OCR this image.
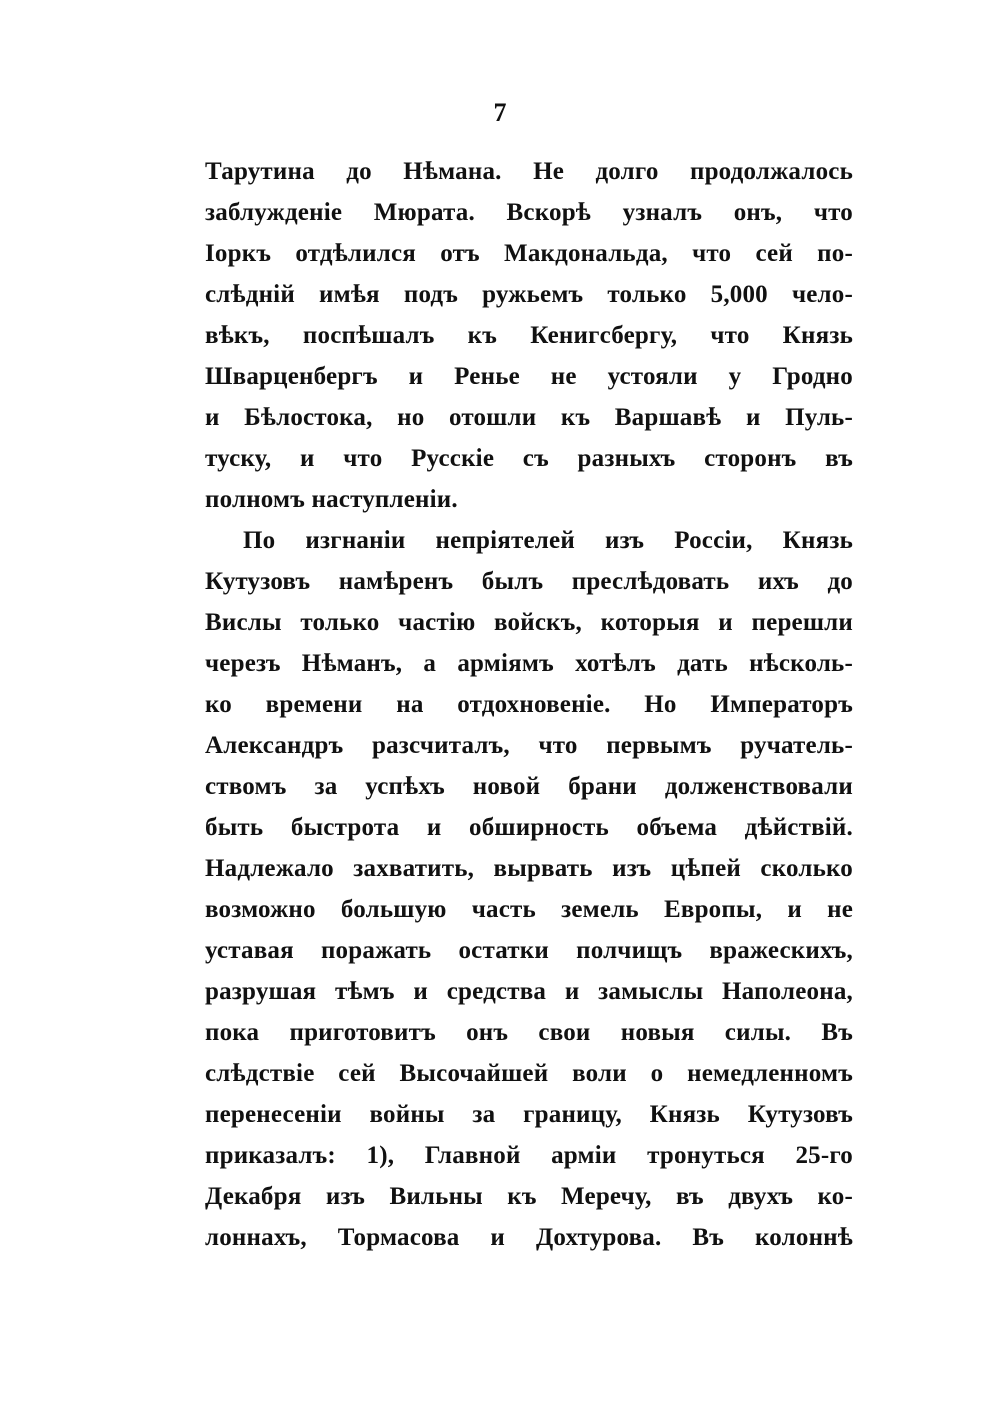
7
Тарутина до Нѣмана. Не долго продолжалось
заблужденіе Мюрата. Вскорѣ узналъ онъ, что
Іоркъ отдѣлился отъ Макдональда, что сей по-
слѣдній имѣя подъ ружьемъ только 5,000 чело-
вѣкъ, поспѣшалъ къ Кенигсбергу, что Князь
Шварценбергъ и Ренье не устояли у Гродно
и Бѣлостока, но отошли къ Варшавѣ и Пуль-
туску, и что Русскіе съ разныхъ сторонъ въ
полномъ наступленіи.
По изгнаніи непріятелей изъ Россіи, Князь
Кутузовъ намѣренъ былъ преслѣдовать ихъ до
Вислы только частію войскъ, которыя и перешли
черезъ Нѣманъ, а арміямъ хотѣлъ дать нѣсколь-
ко времени на отдохновеніе. Но Императоръ
Александръ разсчиталъ, что первымъ ручатель-
ствомъ за успѣхъ новой брани долженствовали
быть быстрота и обширность объема дѣйствій.
Надлежало захватить, вырвать изъ цѣпей сколько
возможно большую часть земель Европы, и не
уставая поражать остатки полчищъ вражескихъ,
разрушая тѣмъ и средства и замыслы Наполеона,
пока приготовитъ онъ свои новыя силы. Въ
слѣдствіе сей Высочайшей воли о немедленномъ
перенесеніи войны за границу, Князь Кутузовъ
приказалъ: 1), Главной арміи тронуться 25-го
Декабря изъ Вильны къ Меречу, въ двухъ ко-
лоннахъ, Тормасова и Дохтурова. Въ колоннѣ
